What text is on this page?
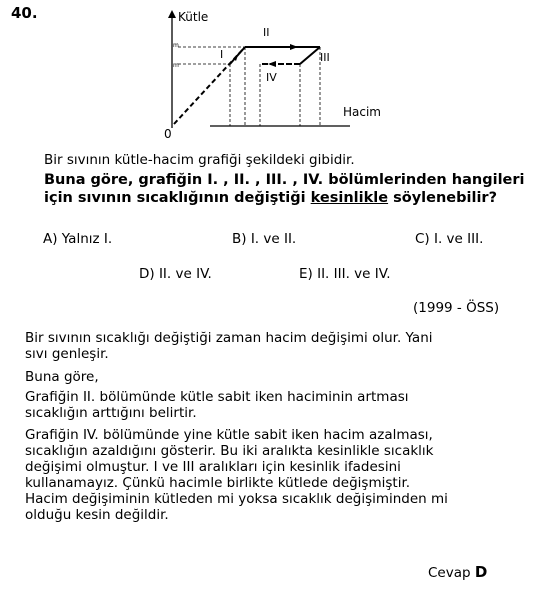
40.	Kütle
Hacim
0
m
m
I
II
III
IV
Bir sıvının kütle-hacim grafiği şekildeki gibidir.
Buna göre, grafiğin I. , II. , III. , IV. bölümlerinden hangileri
için sıvının sıcaklığının değiştiği kesinlikle söylenebilir?
A) Yalnız I.	B) I. ve II.	C) I. ve III.
D) II. ve IV.	E) II. III. ve IV.
(1999 - ÖSS)
Bir sıvının sıcaklığı değiştiği zaman hacim değişimi olur. Yani
sıvı genleşir.
Buna göre,
Grafiğin II. bölümünde kütle sabit iken haciminin artması
sıcaklığın arttığını belirtir.
Grafiğin IV. bölümünde yine kütle sabit iken hacim azalması,
sıcaklığın azaldığını gösterir. Bu iki aralıkta kesinlikle sıcaklık
değişimi olmuştur. I ve III aralıkları için kesinlik ifadesini
kullanamayız. Çünkü hacimle birlikte kütlede değişmiştir.
Hacim değişiminin kütleden mi yoksa sıcaklık değişiminden mi
olduğu kesin değildir.
Cevap D
